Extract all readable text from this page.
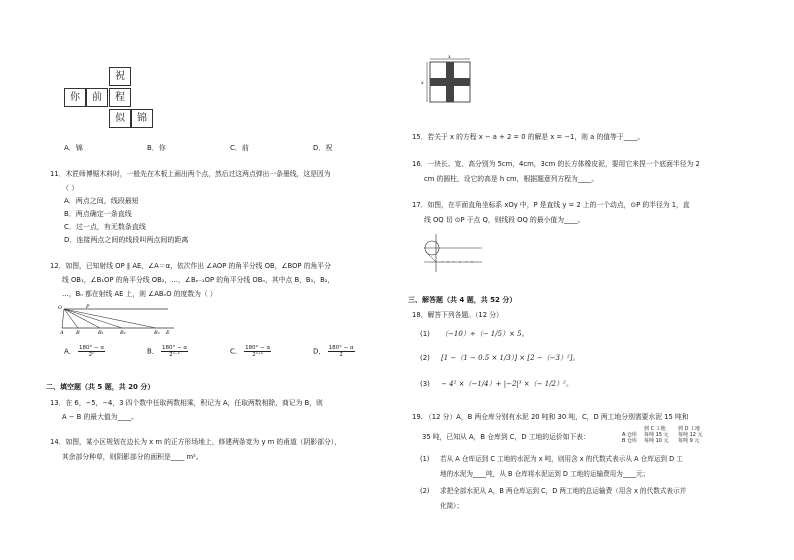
祝
你	前	程
似	锦
A．锦	B．你	C．前	D．祝
11．木匠师傅锯木料时，一般先在木板上画出两个点，然后过这两点弹出一条墨线，这是因为
（ ）
A．两点之间，线段最短
B．两点确定一条直线
C．过一点，有无数条直线
D．连接两点之间的线段叫两点间的距离
12．如图，已知射线 OP ∥ AE，∠A＝α，依次作出 ∠AOP 的角平分线 OB，∠BOP 的角平分
线 OB₁，∠B₁OP 的角平分线 OB₂，…，∠Bₙ₋₁OP 的角平分线 OBₙ，其中点 B，B₁，B₂，
…，Bₙ 都在射线 AE 上，则 ∠ABₙO 的度数为（ ）
O	P
A B	B₁	B₂	Bₙ E
A． $\frac{180^\circ - \alpha}{\text{2ⁿ}}$	B． $\frac{180^\circ - \alpha}{\text{2ⁿ⁻¹}}$	C． $\frac{180^\circ - \alpha}{\text{2ⁿ⁺¹}}$	D． $\frac{180^\circ - \alpha}{2}$
二、填空题（共 5 题，共 20 分）
13．在 6，−5，−4，3 四个数中任取两数相乘，积记为 A，任取两数相除，商记为 B，则
A − B 的最大值为____。
14．如图，某小区规划在边长为 x m 的正方形场地上，修建两条宽为 y m 的甬道（阴影部分），
其余部分种草，则阴影部分的面积是____ m²。
x
x
15．若关于 x 的方程 x − a + 2 = 0 的解是 x = −1，则 a 的值等于____。
16．一块长、宽、高分别为 5cm，4cm，3cm 的长方体橡皮泥，要用它来捏一个底面半径为 2
cm 的圆柱，设它的高是 h cm，根据题意列方程为____。
17．如图，在平面直角坐标系 xOy 中，P 是直线 y = 2 上的一个动点，⊙P 的半径为 1，直
线 OQ 切 ⊙P 于点 Q，则线段 OQ 的最小值为____。
三、解答题（共 4 题，共 52 分）
18．解答下列各题。（12 分）
(1) （−10）÷（− 1/5）× 5。
(2) [1 −（1 − 0.5 × 1/3）] × [2 −（−3）²]。
(3) − 4² ×（−1/4）+ |−2|³ ×（− 1/2）²。
19. （12 分）A，B 两仓库分别有水泥 20 吨和 30 吨，C，D 两工地分别需要水泥 15 吨和
35 吨，已知从 A，B 仓库到 C，D 工地的运价如下表：
到 C 工地 到 D 工地
A 仓库 每吨 15 元 每吨 12 元
B 仓库 每吨 10 元 每吨 9 元
(1) 若从 A 仓库运到 C 工地的水泥为 x 吨，则用含 x 的代数式表示从 A 仓库运到 D 工
地的水泥为____吨，从 B 仓库将水泥运到 D 工地的运输费用为____元；
(2) 求把全部水泥从 A，B 两仓库运到 C，D 两工地的总运输费（用含 x 的代数式表示并
化简）；
